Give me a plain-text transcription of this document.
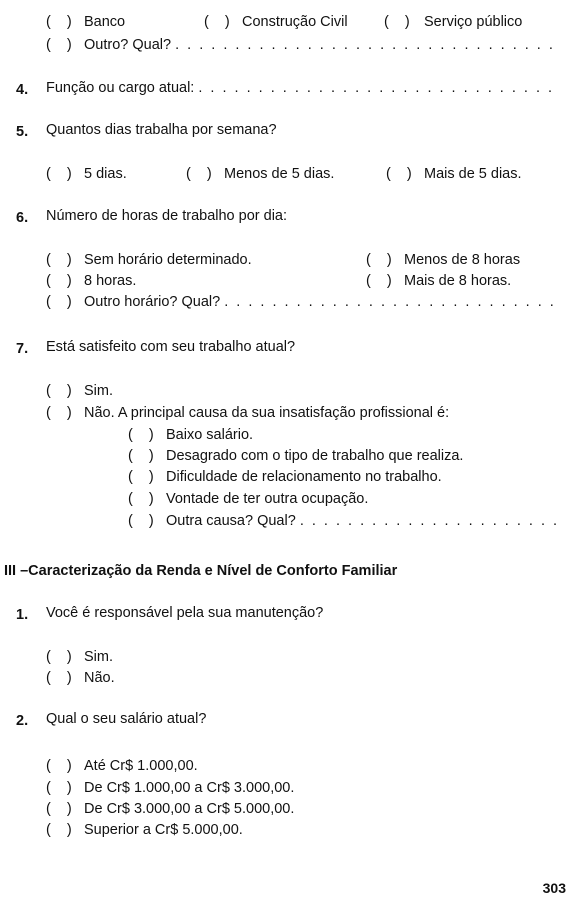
( ) Banco	( ) Construção Civil	( ) Serviço público
( ) Outro? Qual? . . . . . . . . . . . . . . . . . . . . . . . . . . . . . . . .
4. Função ou cargo atual: . . . . . . . . . . . . . . . . . . . . . . . . . . . . . .
5. Quantos dias trabalha por semana?
( ) 5 dias.	( ) Menos de 5 dias.	( ) Mais de 5 dias.
6. Número de horas de trabalho por dia:
( ) Sem horário determinado.
( ) 8 horas.
( ) Outro horário? Qual? . . . . . . . . . . . . . . . . . . . . . . . . . . . .
( ) Menos de 8 horas
( ) Mais de 8 horas.
7. Está satisfeito com seu trabalho atual?
( ) Sim.
( ) Não. A principal causa da sua insatisfação profissional é:
( ) Baixo salário.
( ) Desagrado com o tipo de trabalho que realiza.
( ) Dificuldade de relacionamento no trabalho.
( ) Vontade de ter outra ocupação.
( ) Outra causa? Qual? . . . . . . . . . . . . . . . . . . . . . .
III –Caracterização da Renda e Nível de Conforto Familiar
1. Você é responsável pela sua manutenção?
( ) Sim.
( ) Não.
2. Qual o seu salário atual?
( ) Até Cr$ 1.000,00.
( ) De Cr$ 1.000,00 a Cr$ 3.000,00.
( ) De Cr$ 3.000,00 a Cr$ 5.000,00.
( ) Superior a Cr$ 5.000,00.
303
